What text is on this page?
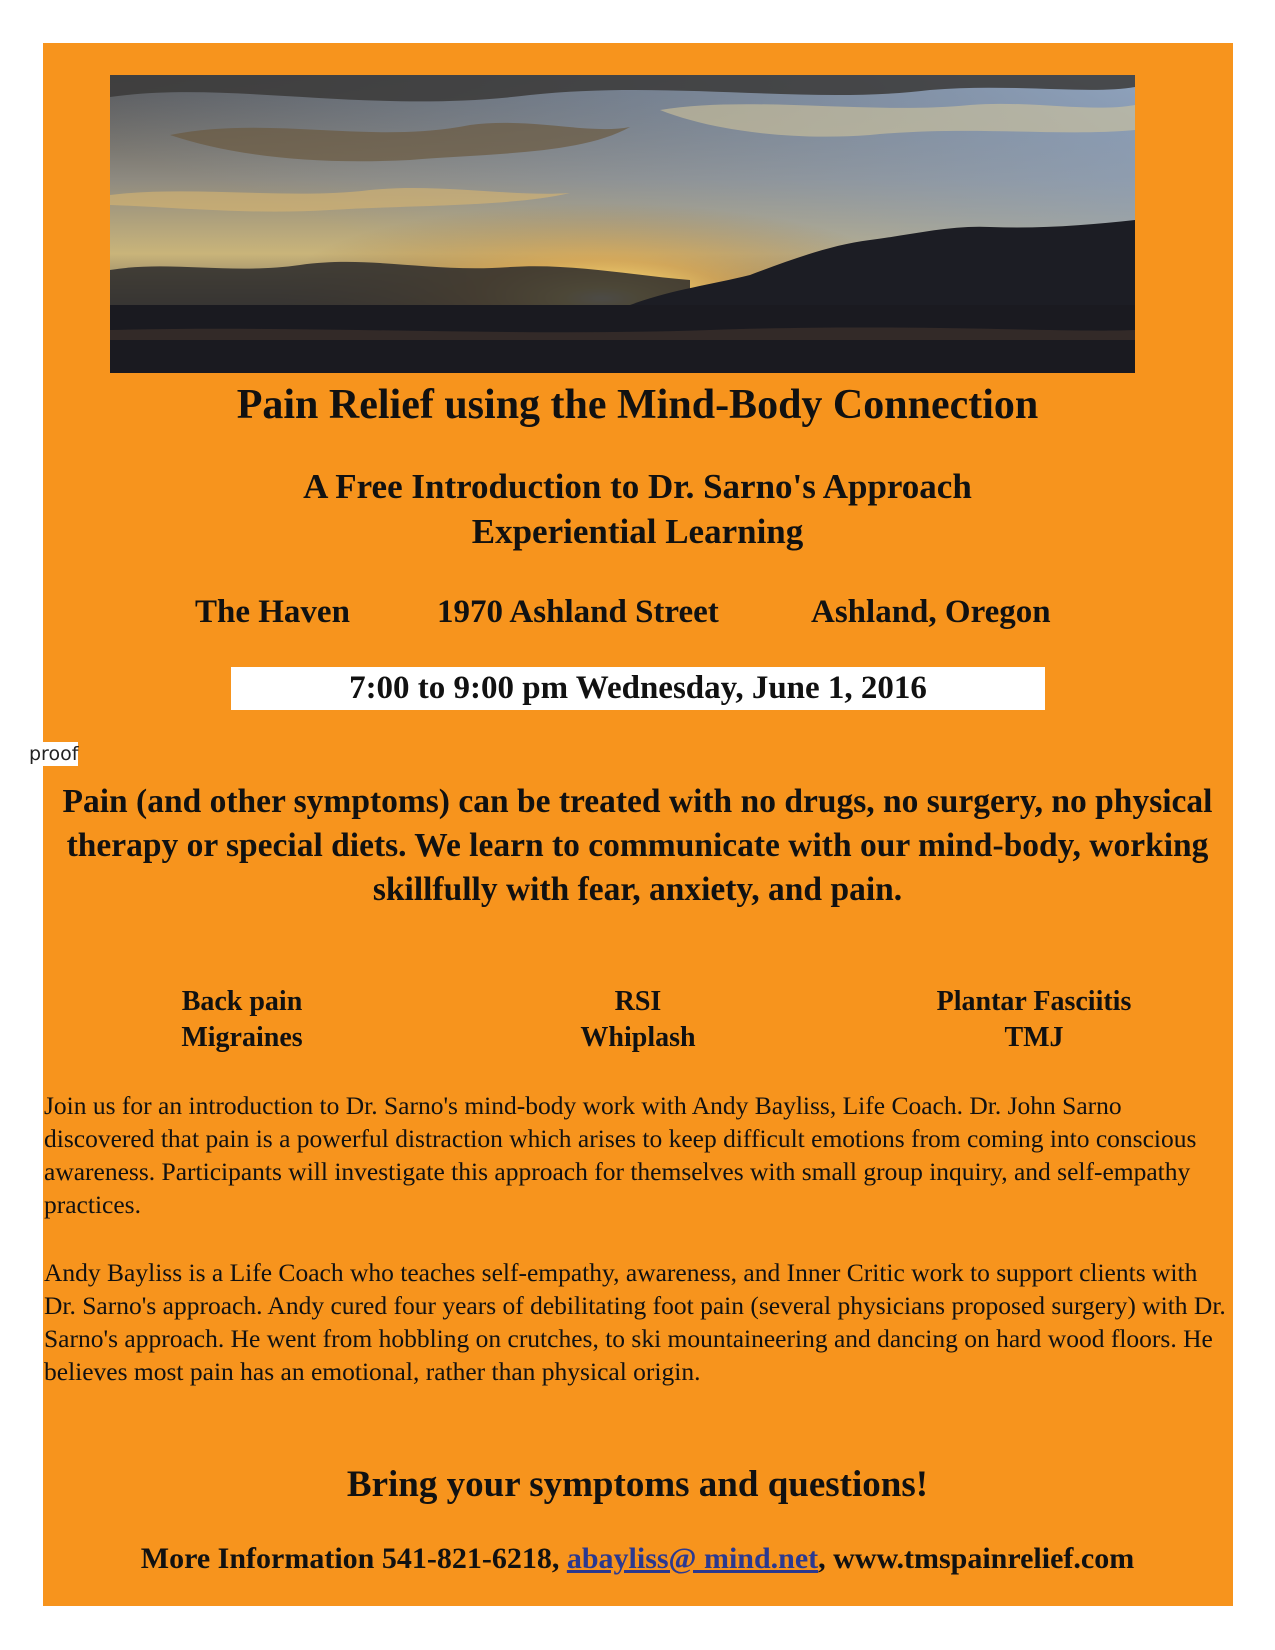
Pain Relief using the Mind-Body Connection
A Free Introduction to Dr. Sarno's Approach
Experiential Learning
The Haven	1970 Ashland Street	Ashland, Oregon
7:00 to 9:00 pm Wednesday, June 1, 2016
proof
Pain (and other symptoms) can be treated with no drugs, no surgery, no physical therapy or special diets. We learn to communicate with our mind-body, working skillfully with fear, anxiety, and pain.
Back pain	RSI	Plantar Fasciitis
Migraines	Whiplash	TMJ
Join us for an introduction to Dr. Sarno's mind-body work with Andy Bayliss, Life Coach. Dr. John Sarno discovered that pain is a powerful distraction which arises to keep difficult emotions from coming into conscious awareness. Participants will investigate this approach for themselves with small group inquiry, and self-empathy practices.
Andy Bayliss is a Life Coach who teaches self-empathy, awareness, and Inner Critic work to support clients with Dr. Sarno's approach. Andy cured four years of debilitating foot pain (several physicians proposed surgery) with Dr. Sarno's approach. He went from hobbling on crutches, to ski mountaineering and dancing on hard wood floors. He believes most pain has an emotional, rather than physical origin.
Bring your symptoms and questions!
More Information 541-821-6218, abayliss@ mind.net, www.tmspainrelief.com
